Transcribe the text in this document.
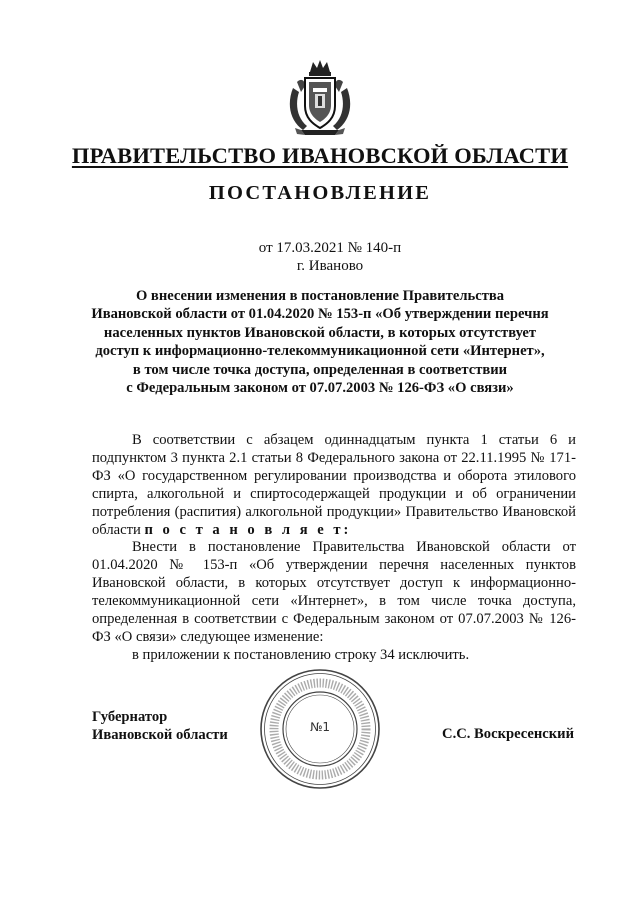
ПРАВИТЕЛЬСТВО ИВАНОВСКОЙ ОБЛАСТИ
ПОСТАНОВЛЕНИЕ
от 17.03.2021 № 140-п
г. Иваново
О внесении изменения в постановление Правительства
Ивановской области от 01.04.2020 № 153-п «Об утверждении перечня
населенных пунктов Ивановской области, в которых отсутствует
доступ к информационно-телекоммуникационной сети «Интернет»,
в том числе точка доступа, определенная в соответствии
с Федеральным законом от 07.07.2003 № 126-ФЗ «О связи»

В соответствии с абзацем одиннадцатым пункта 1 статьи 6 и подпунктом 3 пункта 2.1 статьи 8 Федерального закона от 22.11.1995 № 171-ФЗ «О государственном регулировании производства и оборота этилового спирта, алкогольной и спиртосодержащей продукции и об ограничении потребления (распития) алкогольной продукции» Правительство Ивановской области п о с т а н о в л я е т:

Внести в постановление Правительства Ивановской области от 01.04.2020 № 153-п «Об утверждении перечня населенных пунктов Ивановской области, в которых отсутствует доступ к информационно-телекоммуникационной сети «Интернет», в том числе точка доступа, определенная в соответствии с Федеральным законом от 07.07.2003 № 126-ФЗ «О связи» следующее изменение:

в приложении к постановлению строку 34 исключить.

Губернатор
Ивановской области	№1	С.С. Воскресенский
